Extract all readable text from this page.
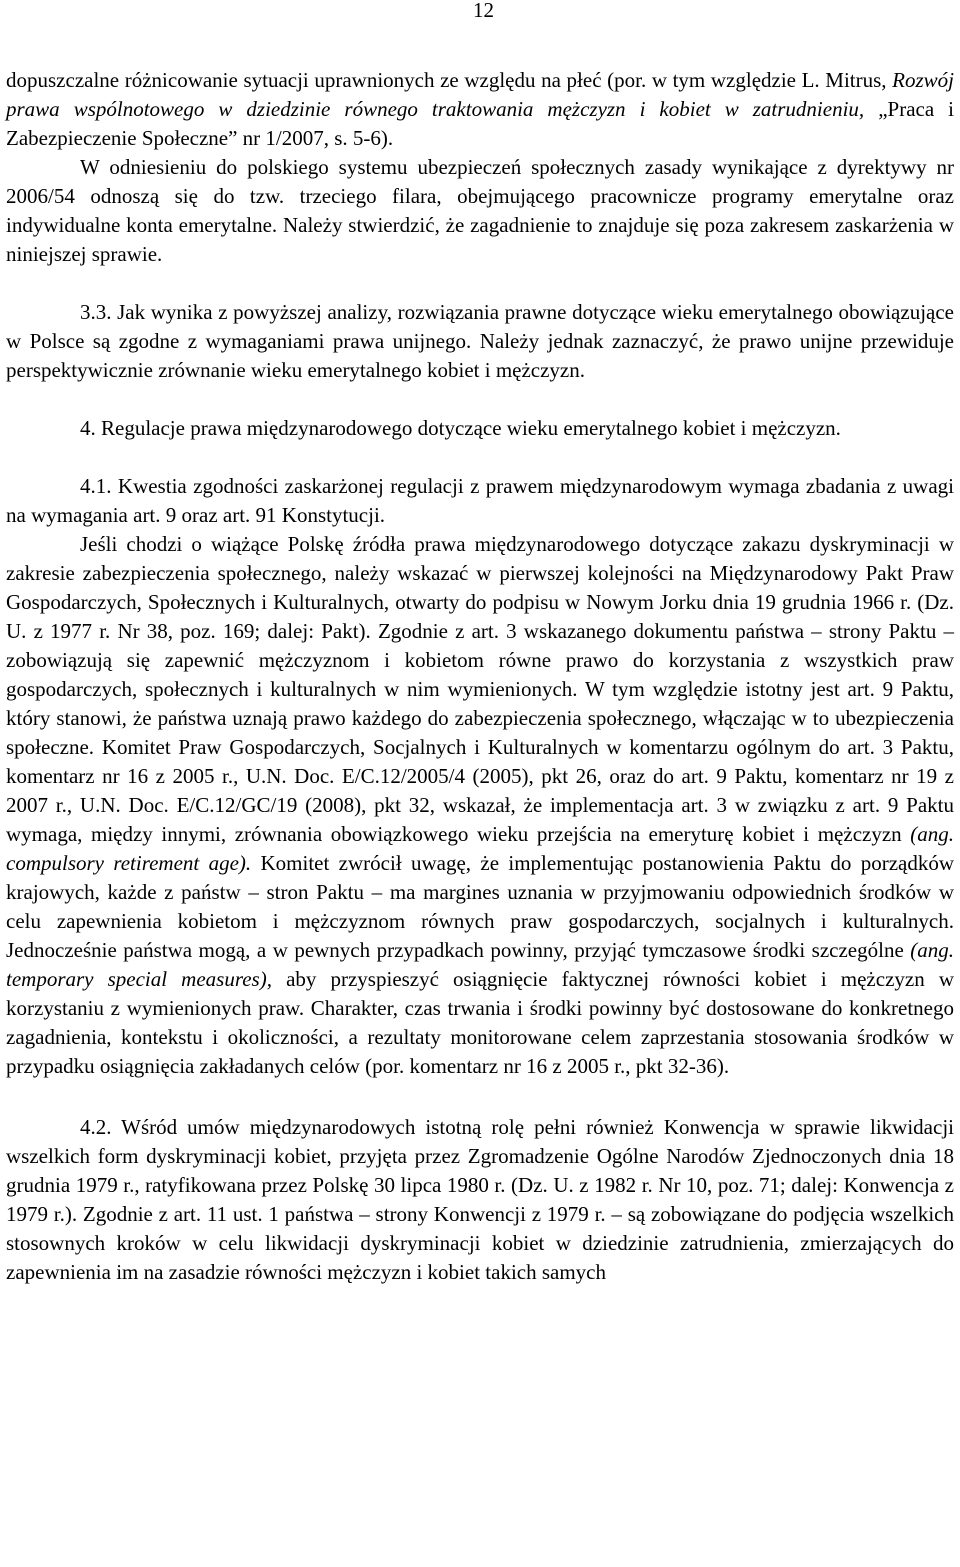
12

dopuszczalne różnicowanie sytuacji uprawnionych ze względu na płeć (por. w tym względzie L. Mitrus, Rozwój prawa wspólnotowego w dziedzinie równego traktowania mężczyzn i kobiet w zatrudnieniu, „Praca i Zabezpieczenie Społeczne” nr 1/2007, s. 5-6).

W odniesieniu do polskiego systemu ubezpieczeń społecznych zasady wynikające z dyrektywy nr 2006/54 odnoszą się do tzw. trzeciego filara, obejmującego pracownicze programy emerytalne oraz indywidualne konta emerytalne. Należy stwierdzić, że zagadnienie to znajduje się poza zakresem zaskarżenia w niniejszej sprawie.

3.3. Jak wynika z powyższej analizy, rozwiązania prawne dotyczące wieku emerytalnego obowiązujące w Polsce są zgodne z wymaganiami prawa unijnego. Należy jednak zaznaczyć, że prawo unijne przewiduje perspektywicznie zrównanie wieku emerytalnego kobiet i mężczyzn.

4. Regulacje prawa międzynarodowego dotyczące wieku emerytalnego kobiet i mężczyzn.

4.1. Kwestia zgodności zaskarżonej regulacji z prawem międzynarodowym wymaga zbadania z uwagi na wymagania art. 9 oraz art. 91 Konstytucji.

Jeśli chodzi o wiążące Polskę źródła prawa międzynarodowego dotyczące zakazu dyskryminacji w zakresie zabezpieczenia społecznego, należy wskazać w pierwszej kolejności na Międzynarodowy Pakt Praw Gospodarczych, Społecznych i Kulturalnych, otwarty do podpisu w Nowym Jorku dnia 19 grudnia 1966 r. (Dz. U. z 1977 r. Nr 38, poz. 169; dalej: Pakt). Zgodnie z art. 3 wskazanego dokumentu państwa – strony Paktu – zobowiązują się zapewnić mężczyznom i kobietom równe prawo do korzystania z wszystkich praw gospodarczych, społecznych i kulturalnych w nim wymienionych. W tym względzie istotny jest art. 9 Paktu, który stanowi, że państwa uznają prawo każdego do zabezpieczenia społecznego, włączając w to ubezpieczenia społeczne. Komitet Praw Gospodarczych, Socjalnych i Kulturalnych w komentarzu ogólnym do art. 3 Paktu, komentarz nr 16 z 2005 r., U.N. Doc. E/C.12/2005/4 (2005), pkt 26, oraz do art. 9 Paktu, komentarz nr 19 z 2007 r., U.N. Doc. E/C.12/GC/19 (2008), pkt 32, wskazał, że implementacja art. 3 w związku z art. 9 Paktu wymaga, między innymi, zrównania obowiązkowego wieku przejścia na emeryturę kobiet i mężczyzn (ang. compulsory retirement age). Komitet zwrócił uwagę, że implementując postanowienia Paktu do porządków krajowych, każde z państw – stron Paktu – ma margines uznania w przyjmowaniu odpowiednich środków w celu zapewnienia kobietom i mężczyznom równych praw gospodarczych, socjalnych i kulturalnych. Jednocześnie państwa mogą, a w pewnych przypadkach powinny, przyjąć tymczasowe środki szczególne (ang. temporary special measures), aby przyspieszyć osiągnięcie faktycznej równości kobiet i mężczyzn w korzystaniu z wymienionych praw. Charakter, czas trwania i środki powinny być dostosowane do konkretnego zagadnienia, kontekstu i okoliczności, a rezultaty monitorowane celem zaprzestania stosowania środków w przypadku osiągnięcia zakładanych celów (por. komentarz nr 16 z 2005 r., pkt 32-36).

4.2. Wśród umów międzynarodowych istotną rolę pełni również Konwencja w sprawie likwidacji wszelkich form dyskryminacji kobiet, przyjęta przez Zgromadzenie Ogólne Narodów Zjednoczonych dnia 18 grudnia 1979 r., ratyfikowana przez Polskę 30 lipca 1980 r. (Dz. U. z 1982 r. Nr 10, poz. 71; dalej: Konwencja z 1979 r.). Zgodnie z art. 11 ust. 1 państwa – strony Konwencji z 1979 r. – są zobowiązane do podjęcia wszelkich stosownych kroków w celu likwidacji dyskryminacji kobiet w dziedzinie zatrudnienia, zmierzających do zapewnienia im na zasadzie równości mężczyzn i kobiet takich samych
